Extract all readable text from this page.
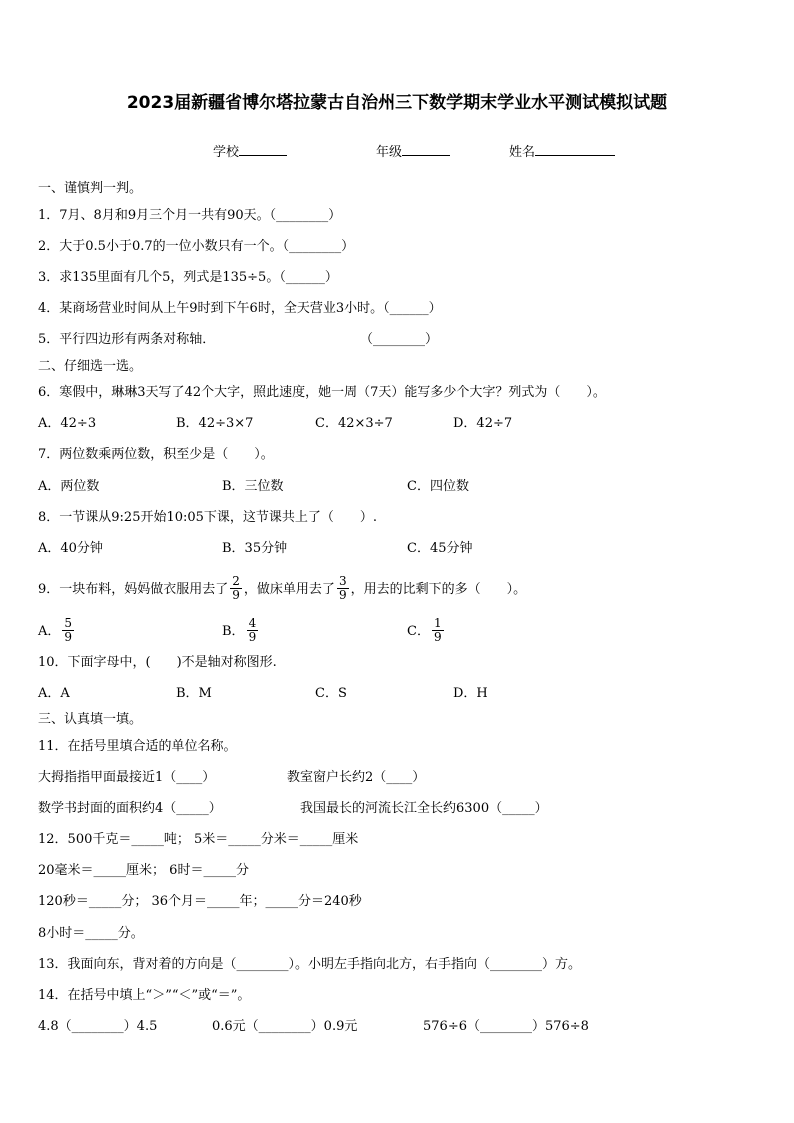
2023届新疆省博尔塔拉蒙古自治州三下数学期末学业水平测试模拟试题
学校	年级	姓名
一、谨慎判一判。
1．7月、8月和9月三个月一共有90天。（________）
2．大于0.5小于0.7的一位小数只有一个。（________）
3．求135里面有几个5，列式是135÷5。（______）
4．某商场营业时间从上午9时到下午6时，全天营业3小时。（______）
5．平行四边形有两条对称轴．	（________）
二、仔细选一选。
6．寒假中，琳琳3天写了42个大字，照此速度，她一周（7天）能写多少个大字？列式为（　　）。
A．42÷3	B．42÷3×7	C．42×3÷7	D．42÷7
7．两位数乘两位数，积至少是（　　）。
A．两位数	B．三位数	C．四位数
8．一节课从9:25开始10:05下课，这节课共上了（　　）.
A．40分钟	B．35分钟	C．45分钟
9．一块布料，妈妈做衣服用去了 $\frac{2}{9}$ ，做床单用去了 $\frac{3}{9}$ ，用去的比剩下的多（　　）。
A． $\frac{5}{9}$	B． $\frac{4}{9}$	C． $\frac{1}{9}$
10．下面字母中，(　　)不是轴对称图形.
A．A	B．M	C．S	D．H
三、认真填一填。
11．在括号里填合适的单位名称。
大拇指指甲面最接近1（____）	教室窗户长约2（____）
数学书封面的面积约4（_____）	我国最长的河流长江全长约6300（_____）
12．500千克＝_____吨； 5米＝_____分米＝_____厘米
20毫米＝_____厘米； 6时＝_____分
120秒＝_____分； 36个月＝_____年；_____分＝240秒
8小时＝_____分。
13．我面向东，背对着的方向是（________）。小明左手指向北方，右手指向（________）方。
14．在括号中填上“＞”“＜”或“＝”。
4.8（________）4.5	0.6元（________）0.9元	576÷6（________）576÷8
